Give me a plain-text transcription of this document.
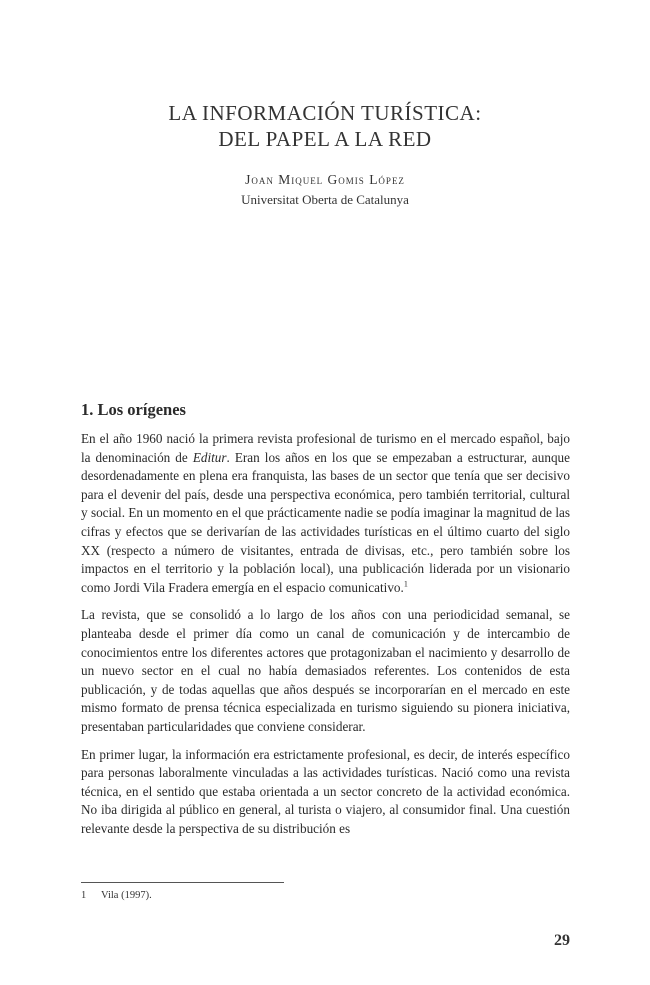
LA INFORMACIÓN TURÍSTICA:
DEL PAPEL A LA RED
Joan Miquel Gomis López
Universitat Oberta de Catalunya
1. Los orígenes

En el año 1960 nació la primera revista profesional de turismo en el mercado español, bajo la denominación de Editur. Eran los años en los que se empezaban a estructurar, aunque desordenadamente en plena era franquista, las bases de un sector que tenía que ser decisivo para el devenir del país, desde una perspectiva económica, pero también territorial, cultural y social. En un momento en el que prácticamente nadie se podía imaginar la magnitud de las cifras y efectos que se derivarían de las actividades turísticas en el último cuarto del siglo XX (respecto a número de visitantes, entrada de divisas, etc., pero también sobre los impactos en el territorio y la población local), una publicación liderada por un visionario como Jordi Vila Fradera emergía en el espacio comunicativo.$^1$

La revista, que se consolidó a lo largo de los años con una periodicidad semanal, se planteaba desde el primer día como un canal de comunicación y de intercambio de conocimientos entre los diferentes actores que protagonizaban el nacimiento y desarrollo de un nuevo sector en el cual no había demasiados referentes. Los contenidos de esta publicación, y de todas aquellas que años después se incorporarían en el mercado en este mismo formato de prensa técnica especializada en turismo siguiendo su pionera iniciativa, presentaban particularidades que conviene considerar.

En primer lugar, la información era estrictamente profesional, es decir, de interés específico para personas laboralmente vinculadas a las actividades turísticas. Nació como una revista técnica, en el sentido que estaba orientada a un sector concreto de la actividad económica. No iba dirigida al público en general, al turista o viajero, al consumidor final. Una cuestión relevante desde la perspectiva de su distribución es

1 Vila (1997).
29
